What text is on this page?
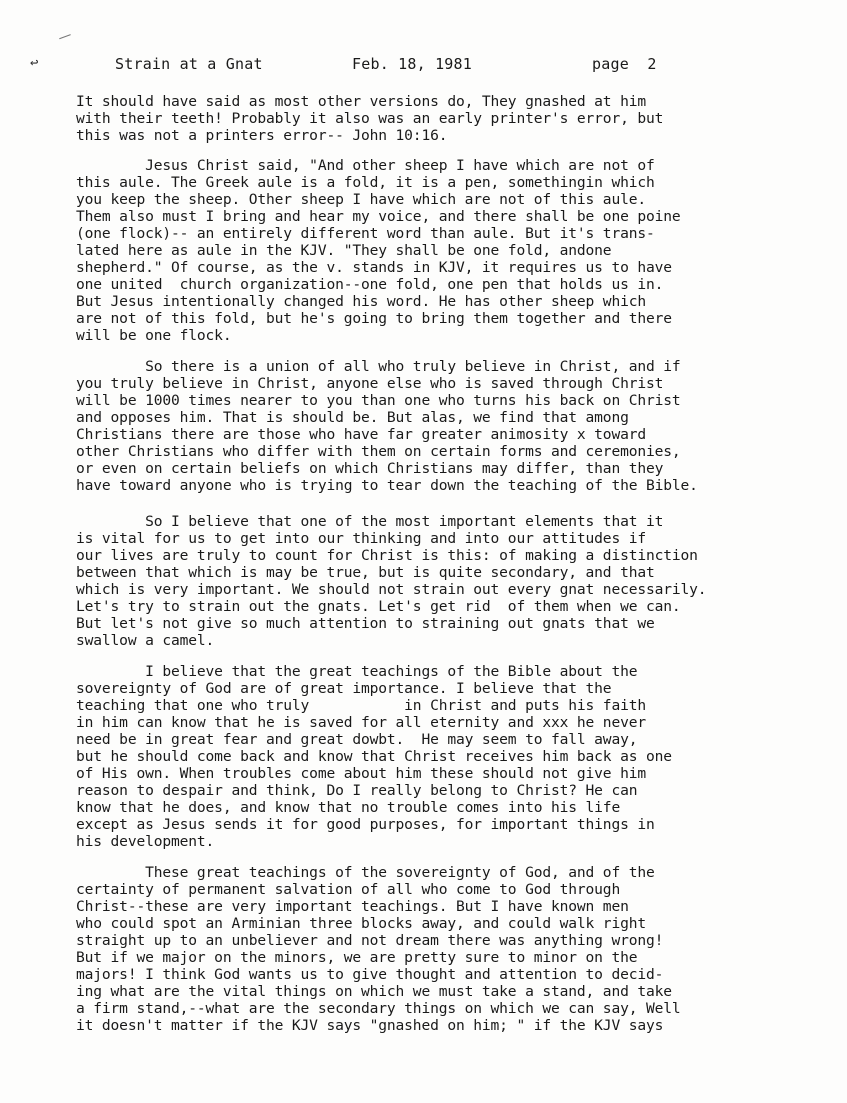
↩	Strain at a Gnat	Feb. 18, 1981	page  2
It should have said as most other versions do, They gnashed at him
with their teeth! Probably it also was an early printer's error, but
this was not a printers error-- John 10:16.
Jesus Christ said, "And other sheep I have which are not of
this aule. The Greek aule is a fold, it is a pen, somethingin which
you keep the sheep. Other sheep I have which are not of this aule.
Them also must I bring and hear my voice, and there shall be one poine
(one flock)-- an entirely different word than aule. But it's trans-
lated here as aule in the KJV. "They shall be one fold, andone
shepherd." Of course, as the v. stands in KJV, it requires us to have
one united  church organization--one fold, one pen that holds us in.
But Jesus intentionally changed his word. He has other sheep which
are not of this fold, but he's going to bring them together and there
will be one flock.
So there is a union of all who truly believe in Christ, and if
you truly believe in Christ, anyone else who is saved through Christ
will be 1000 times nearer to you than one who turns his back on Christ
and opposes him. That is should be. But alas, we find that among
Christians there are those who have far greater animosity x toward
other Christians who differ with them on certain forms and ceremonies,
or even on certain beliefs on which Christians may differ, than they
have toward anyone who is trying to tear down the teaching of the Bible.
So I believe that one of the most important elements that it
is vital for us to get into our thinking and into our attitudes if
our lives are truly to count for Christ is this: of making a distinction
between that which is may be true, but is quite secondary, and that
which is very important. We should not strain out every gnat necessarily.
Let's try to strain out the gnats. Let's get rid  of them when we can.
But let's not give so much attention to straining out gnats that we
swallow a camel.
I believe that the great teachings of the Bible about the
sovereignty of God are of great importance. I believe that the
teaching that one who truly           in Christ and puts his faith
in him can know that he is saved for all eternity and xxx he never
need be in great fear and great dowbt.  He may seem to fall away,
but he should come back and know that Christ receives him back as one
of His own. When troubles come about him these should not give him
reason to despair and think, Do I really belong to Christ? He can
know that he does, and know that no trouble comes into his life
except as Jesus sends it for good purposes, for important things in
his development.
These great teachings of the sovereignty of God, and of the
certainty of permanent salvation of all who come to God through
Christ--these are very important teachings. But I have known men
who could spot an Arminian three blocks away, and could walk right
straight up to an unbeliever and not dream there was anything wrong!
But if we major on the minors, we are pretty sure to minor on the
majors! I think God wants us to give thought and attention to decid-
ing what are the vital things on which we must take a stand, and take
a firm stand,--what are the secondary things on which we can say, Well
it doesn't matter if the KJV says "gnashed on him; " if the KJV says
